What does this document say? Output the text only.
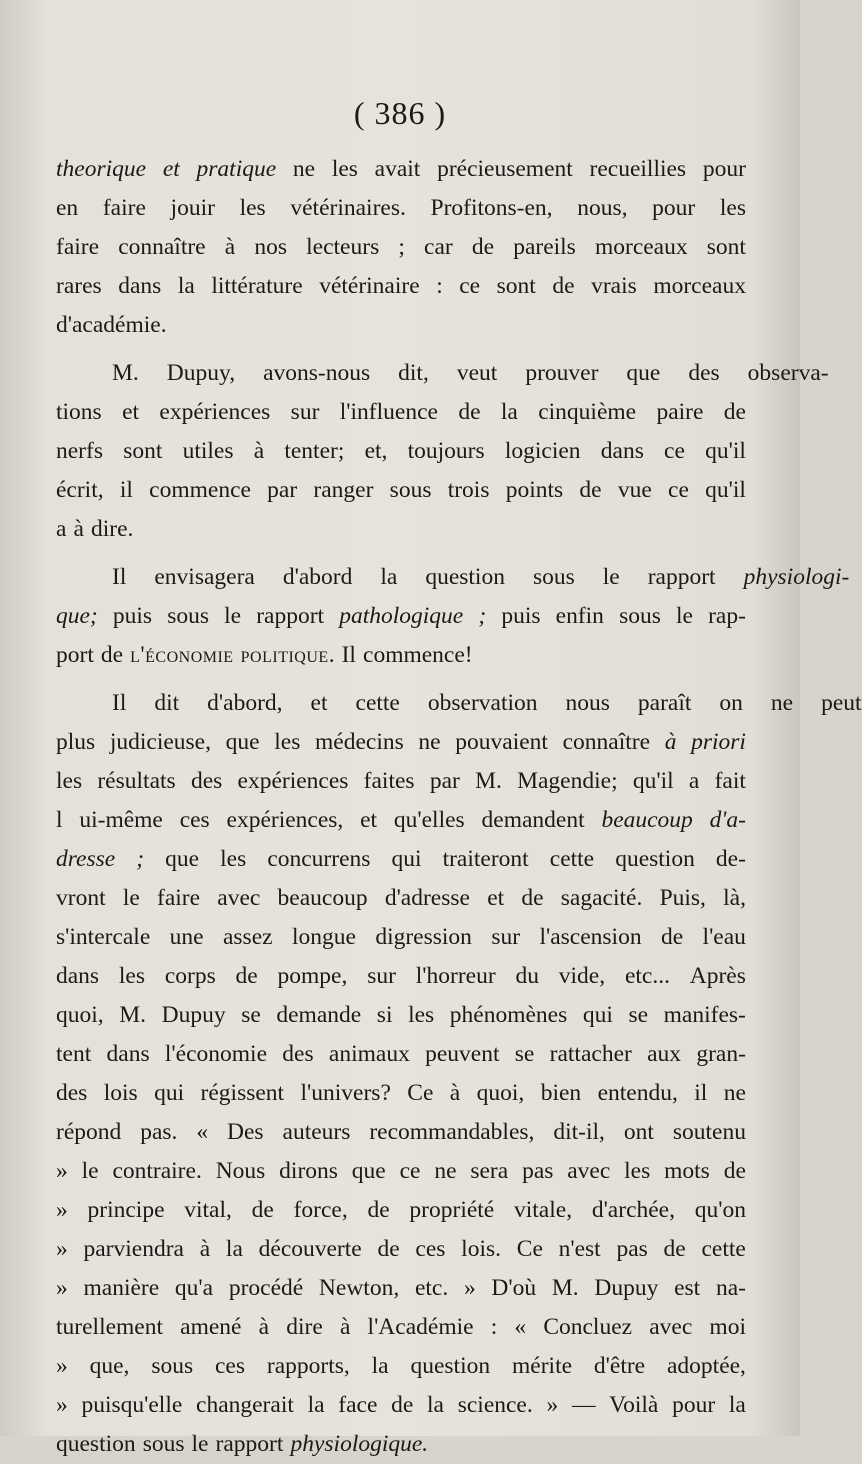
( 386 )
theorique et pratique ne les avait précieusement recueillies pour
en faire jouir les vétérinaires. Profitons-en, nous, pour les
faire connaître à nos lecteurs ; car de pareils morceaux sont
rares dans la littérature vétérinaire : ce sont de vrais morceaux
d'académie.
M.	Dupuy,	avons-nous	dit,	veut	prouver	que	des	observa-
tions et expériences sur l'influence de la cinquième paire de
nerfs sont utiles à tenter; et, toujours logicien dans ce qu'il
écrit, il commence par ranger sous trois points de vue ce qu'il
a à dire.
Il	envisagera	d'abord	la	question	sous	le	rapport	physiologi-
que; puis sous le rapport pathologique ; puis enfin sous le rap-
port de l'économie politique. Il commence!
Il	dit	d'abord,	et	cette	observation	nous	paraît	on	ne	peut
plus judicieuse, que les médecins ne pouvaient connaître à priori
les résultats des expériences faites par M. Magendie; qu'il a fait
l ui-même ces expériences, et qu'elles demandent beaucoup d'a-
dresse ; que les concurrens qui traiteront cette question de-
vront le faire avec beaucoup d'adresse et de sagacité. Puis, là,
s'intercale une assez longue digression sur l'ascension de l'eau
dans les corps de pompe, sur l'horreur du vide, etc... Après
quoi, M. Dupuy se demande si les phénomènes qui se manifes-
tent dans l'économie des animaux peuvent se rattacher aux gran-
des lois qui régissent l'univers? Ce à quoi, bien entendu, il ne
répond pas. « Des auteurs recommandables, dit-il, ont soutenu
» le contraire. Nous dirons que ce ne sera pas avec les mots de
» principe vital, de force, de propriété vitale, d'archée, qu'on
» parviendra à la découverte de ces lois. Ce n'est pas de cette
» manière qu'a procédé Newton, etc. » D'où M. Dupuy est na-
turellement amené à dire à l'Académie : « Concluez avec moi
» que, sous ces rapports, la question mérite d'être adoptée,
» puisqu'elle changerait la face de la science. » — Voilà pour la
question sous le rapport physiologique.
